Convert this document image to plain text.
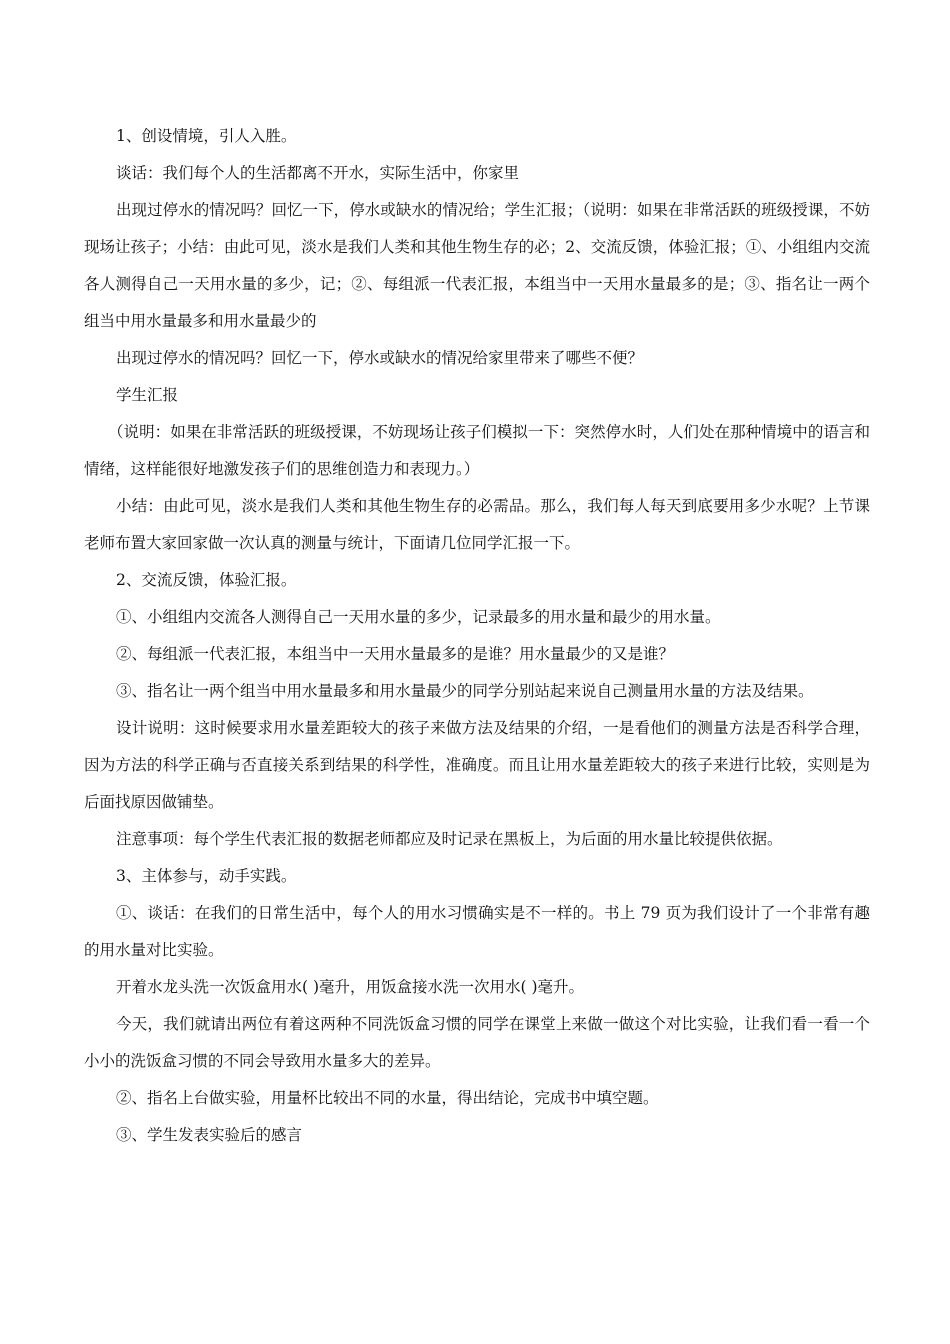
1、创设情境，引人入胜。

谈话：我们每个人的生活都离不开水，实际生活中，你家里

出现过停水的情况吗？回忆一下，停水或缺水的情况给；学生汇报；（说明：如果在非常活跃的班级授课，不妨现场让孩子；小结：由此可见，淡水是我们人类和其他生物生存的必；2、交流反馈，体验汇报；①、小组组内交流各人测得自己一天用水量的多少，记；②、每组派一代表汇报，本组当中一天用水量最多的是；③、指名让一两个组当中用水量最多和用水量最少的

出现过停水的情况吗？回忆一下，停水或缺水的情况给家里带来了哪些不便？

学生汇报

（说明：如果在非常活跃的班级授课，不妨现场让孩子们模拟一下：突然停水时，人们处在那种情境中的语言和情绪，这样能很好地激发孩子们的思维创造力和表现力。）

小结：由此可见，淡水是我们人类和其他生物生存的必需品。那么，我们每人每天到底要用多少水呢？上节课老师布置大家回家做一次认真的测量与统计，下面请几位同学汇报一下。

2、交流反馈，体验汇报。

①、小组组内交流各人测得自己一天用水量的多少，记录最多的用水量和最少的用水量。

②、每组派一代表汇报，本组当中一天用水量最多的是谁？用水量最少的又是谁？

③、指名让一两个组当中用水量最多和用水量最少的同学分别站起来说自己测量用水量的方法及结果。

设计说明：这时候要求用水量差距较大的孩子来做方法及结果的介绍，一是看他们的测量方法是否科学合理，因为方法的科学正确与否直接关系到结果的科学性，准确度。而且让用水量差距较大的孩子来进行比较，实则是为后面找原因做铺垫。

注意事项：每个学生代表汇报的数据老师都应及时记录在黑板上，为后面的用水量比较提供依据。

3、主体参与，动手实践。

①、谈话：在我们的日常生活中，每个人的用水习惯确实是不一样的。书上 79 页为我们设计了一个非常有趣的用水量对比实验。

开着水龙头洗一次饭盒用水( )毫升，用饭盒接水洗一次用水( )毫升。

今天，我们就请出两位有着这两种不同洗饭盒习惯的同学在课堂上来做一做这个对比实验，让我们看一看一个小小的洗饭盒习惯的不同会导致用水量多大的差异。

②、指名上台做实验，用量杯比较出不同的水量，得出结论，完成书中填空题。

③、学生发表实验后的感言
